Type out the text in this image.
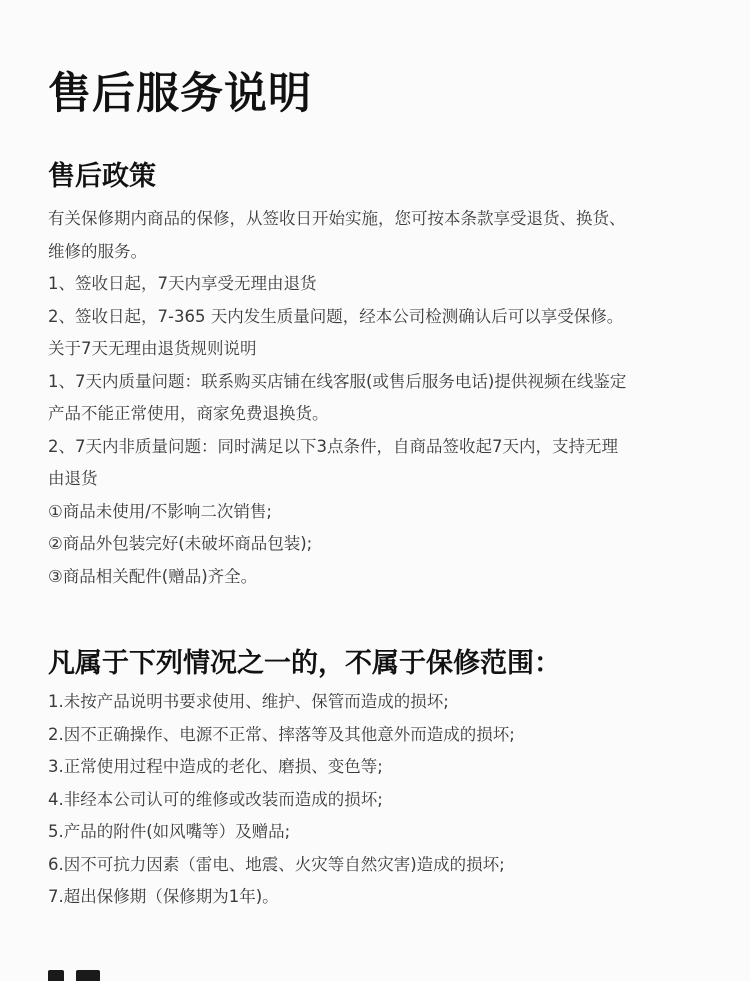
售后服务说明
售后政策
有关保修期内商品的保修，从签收日开始实施，您可按本条款享受退货、换货、
维修的服务。
1、签收日起，7天内享受无理由退货
2、签收日起，7-365 天内发生质量问题，经本公司检测确认后可以享受保修。
关于7天无理由退货规则说明
1、7天内质量问题：联系购买店铺在线客服(或售后服务电话)提供视频在线鉴定
产品不能正常使用，商家免费退换货。
2、7天内非质量问题：同时满足以下3点条件，自商品签收起7天内，支持无理
由退货
①商品未使用/不影响二次销售;
②商品外包装完好(未破坏商品包装);
③商品相关配件(赠品)齐全。
凡属于下列情况之一的，不属于保修范围：
1.未按产品说明书要求使用、维护、保管而造成的损坏;
2.因不正确操作、电源不正常、摔落等及其他意外而造成的损坏;
3.正常使用过程中造成的老化、磨损、变色等;
4.非经本公司认可的维修或改装而造成的损坏;
5.产品的附件(如风嘴等）及赠品;
6.因不可抗力因素（雷电、地震、火灾等自然灾害)造成的损坏;
7.超出保修期（保修期为1年)。
